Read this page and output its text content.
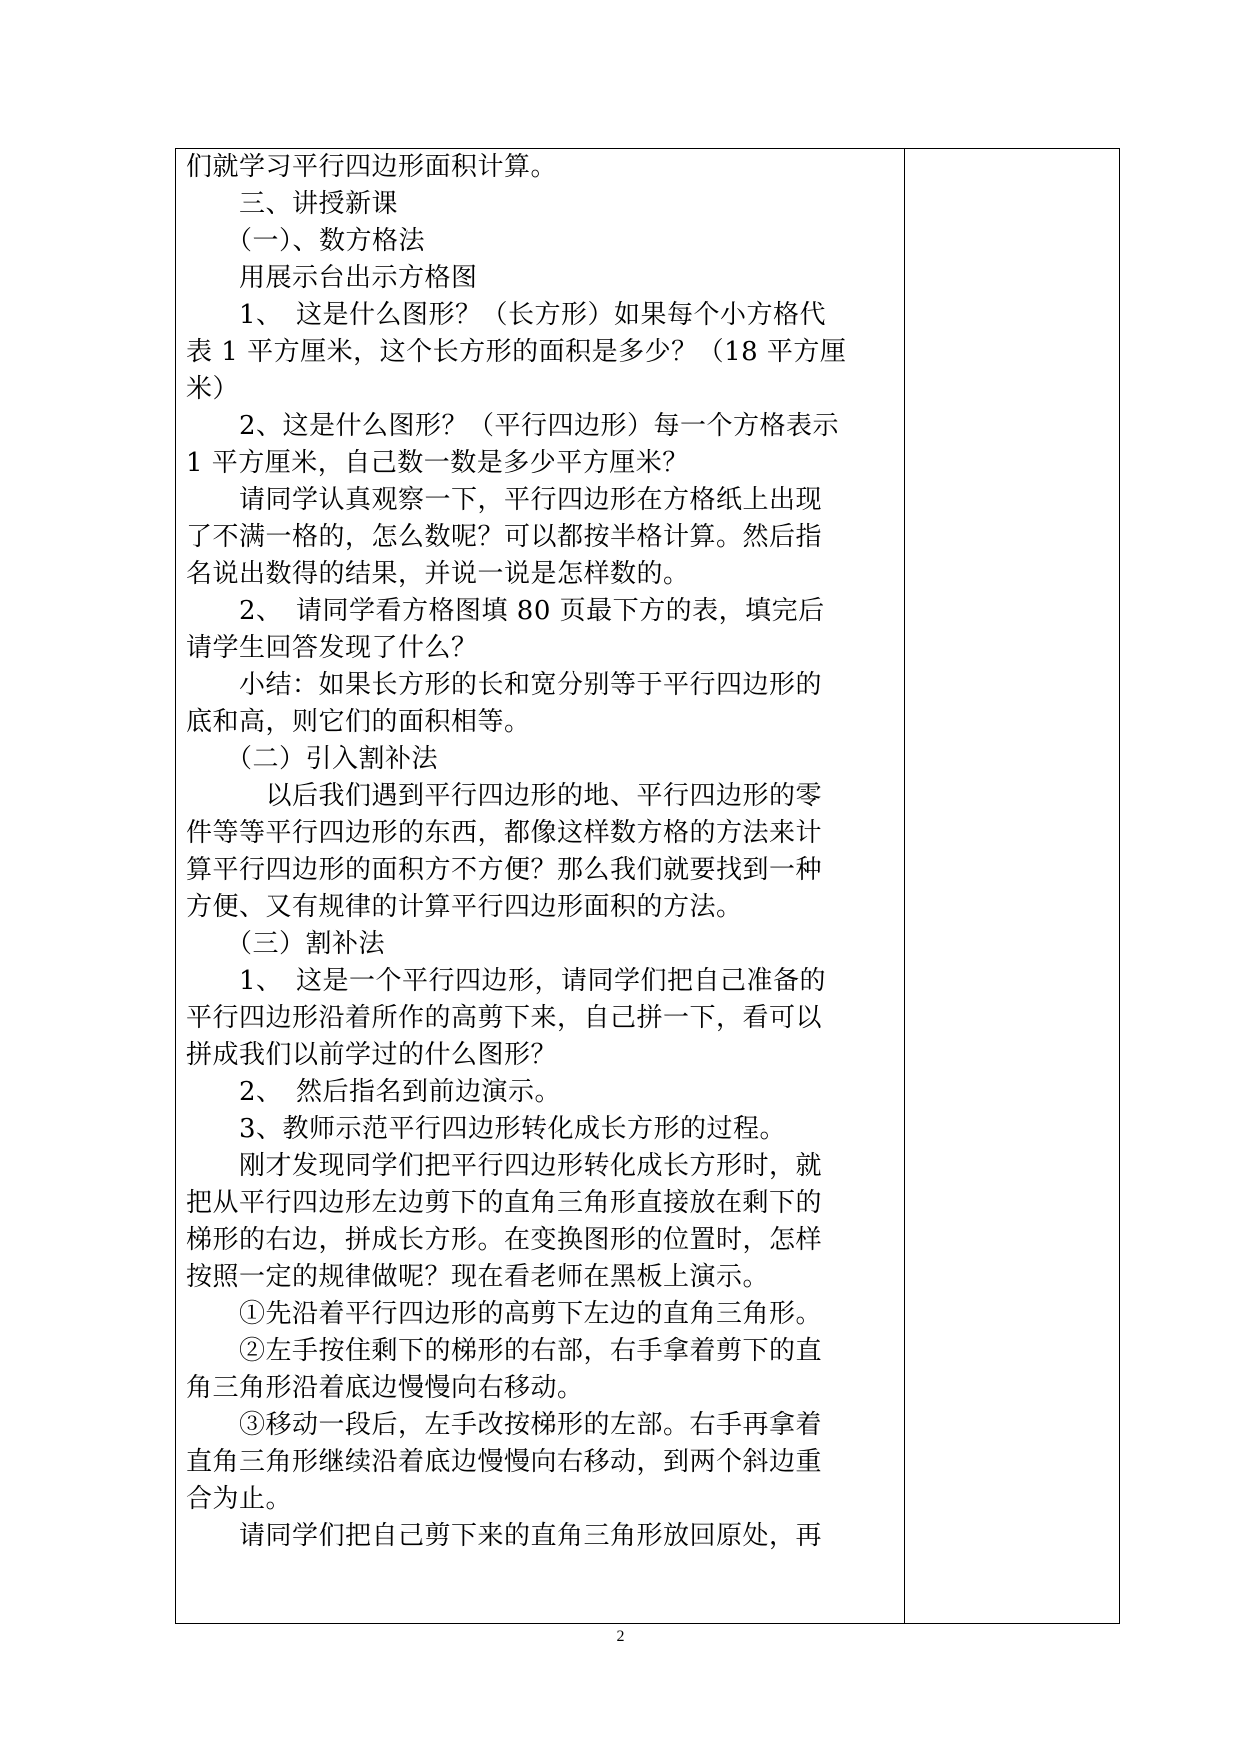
们就学习平行四边形面积计算。
　　三、讲授新课
　　（一）、数方格法
　　用展示台出示方格图
　　1、　这是什么图形？（长方形）如果每个小方格代
表 1 平方厘米，这个长方形的面积是多少？（18 平方厘
米）
　　2、这是什么图形？（平行四边形）每一个方格表示
1 平方厘米，自己数一数是多少平方厘米？
　　请同学认真观察一下，平行四边形在方格纸上出现
了不满一格的，怎么数呢？可以都按半格计算。然后指
名说出数得的结果，并说一说是怎样数的。
　　2、　请同学看方格图填 80 页最下方的表，填完后
请学生回答发现了什么？
　　小结：如果长方形的长和宽分别等于平行四边形的
底和高，则它们的面积相等。
　　（二）引入割补法
　　　以后我们遇到平行四边形的地、平行四边形的零
件等等平行四边形的东西，都像这样数方格的方法来计
算平行四边形的面积方不方便？那么我们就要找到一种
方便、又有规律的计算平行四边形面积的方法。
　　（三）割补法
　　1、　这是一个平行四边形，请同学们把自己准备的
平行四边形沿着所作的高剪下来，自己拼一下，看可以
拼成我们以前学过的什么图形？
　　2、　然后指名到前边演示。
　　3、教师示范平行四边形转化成长方形的过程。
　　刚才发现同学们把平行四边形转化成长方形时，就
把从平行四边形左边剪下的直角三角形直接放在剩下的
梯形的右边，拼成长方形。在变换图形的位置时，怎样
按照一定的规律做呢？现在看老师在黑板上演示。
　　①先沿着平行四边形的高剪下左边的直角三角形。
　　②左手按住剩下的梯形的右部，右手拿着剪下的直
角三角形沿着底边慢慢向右移动。
　　③移动一段后，左手改按梯形的左部。右手再拿着
直角三角形继续沿着底边慢慢向右移动，到两个斜边重
合为止。
　　请同学们把自己剪下来的直角三角形放回原处，再
2
